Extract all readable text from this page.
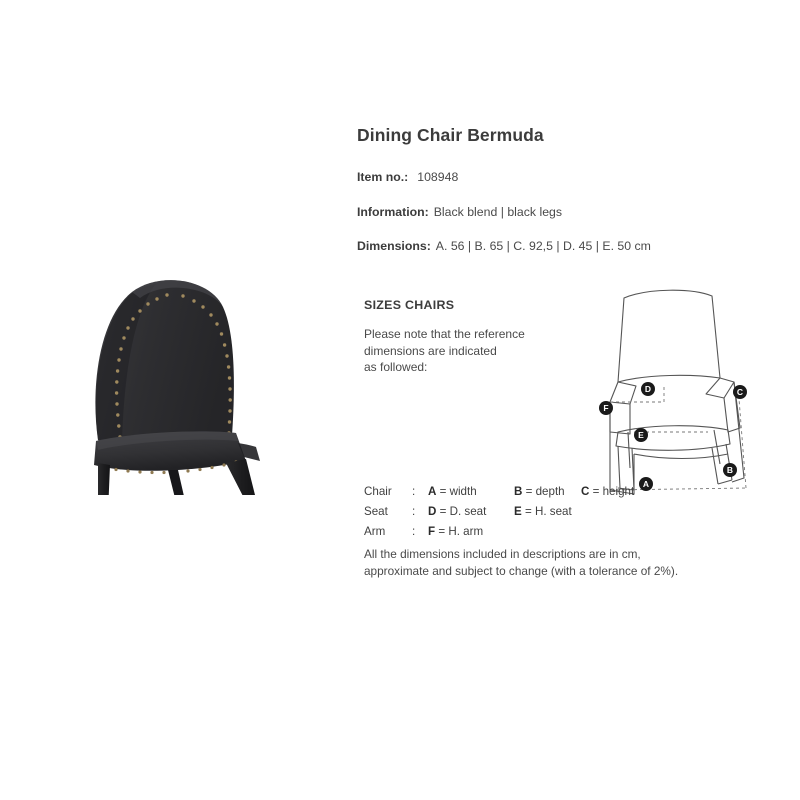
Dining Chair Bermuda
Item no.: 108948
Information: Black blend | black legs
Dimensions: A. 56 | B. 65 | C. 92,5 | D. 45 | E. 50 cm
SIZES CHAIRS

Please note that the reference
dimensions are indicated
as followed:

F
D	C
E
A
B
Chair	:	A = width	B = depth	C = height
Seat	:	D = D. seat	E = H. seat	
Arm	:	F = H. arm		
All the dimensions included in descriptions are in cm,
approximate and subject to change (with a tolerance of 2%).
